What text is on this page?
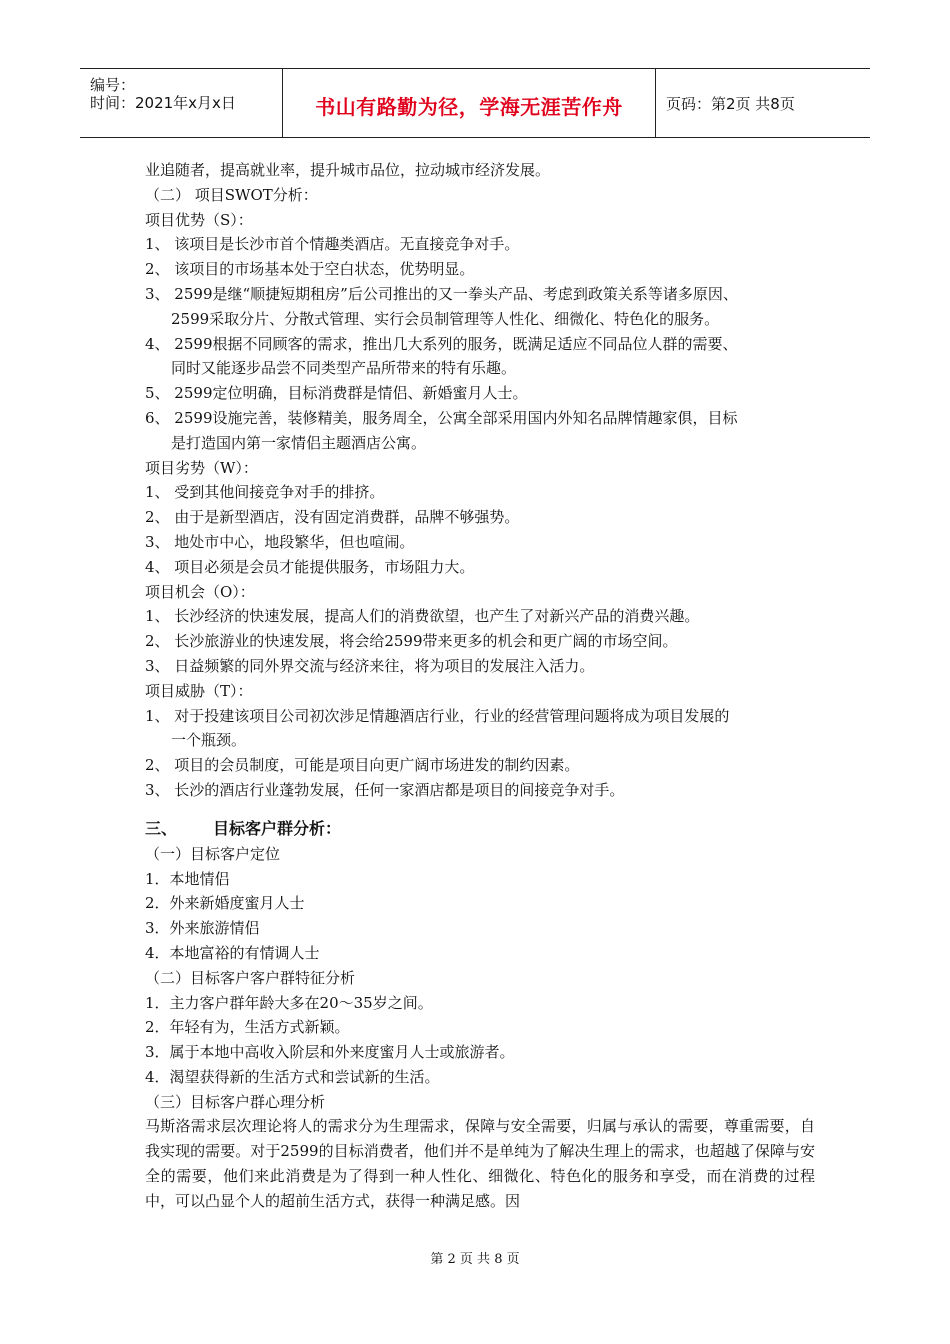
编号：
时间：2021年x月x日	书山有路勤为径，学海无涯苦作舟	页码：第2页 共8页
业追随者，提高就业率，提升城市品位，拉动城市经济发展。
（二） 项目SWOT分析：
项目优势（S）：
1、 该项目是长沙市首个情趣类酒店。无直接竞争对手。
2、 该项目的市场基本处于空白状态，优势明显。
3、 2599是继“顺捷短期租房”后公司推出的又一拳头产品、考虑到政策关系等诸多原因、
2599采取分片、分散式管理、实行会员制管理等人性化、细微化、特色化的服务。
4、 2599根据不同顾客的需求，推出几大系列的服务，既满足适应不同品位人群的需要、
同时又能逐步品尝不同类型产品所带来的特有乐趣。
5、 2599定位明确，目标消费群是情侣、新婚蜜月人士。
6、 2599设施完善，装修精美，服务周全，公寓全部采用国内外知名品牌情趣家俱，目标
是打造国内第一家情侣主题酒店公寓。
项目劣势（W）：
1、 受到其他间接竞争对手的排挤。
2、 由于是新型酒店，没有固定消费群，品牌不够强势。
3、 地处市中心，地段繁华，但也喧闹。
4、 项目必须是会员才能提供服务，市场阻力大。
项目机会（O）：
1、 长沙经济的快速发展，提高人们的消费欲望，也产生了对新兴产品的消费兴趣。
2、 长沙旅游业的快速发展，将会给2599带来更多的机会和更广阔的市场空间。
3、 日益频繁的同外界交流与经济来往，将为项目的发展注入活力。
项目威胁（T）：
1、 对于投建该项目公司初次涉足情趣酒店行业，行业的经营管理问题将成为项目发展的
一个瓶颈。
2、 项目的会员制度，可能是项目向更广阔市场进发的制约因素。
3、 长沙的酒店行业蓬勃发展，任何一家酒店都是项目的间接竞争对手。
三、 目标客户群分析：
（一）目标客户定位
1．本地情侣
2．外来新婚度蜜月人士
3．外来旅游情侣
4．本地富裕的有情调人士
（二）目标客户客户群特征分析
1．主力客户群年龄大多在20～35岁之间。
2．年轻有为，生活方式新颖。
3．属于本地中高收入阶层和外来度蜜月人士或旅游者。
4．渴望获得新的生活方式和尝试新的生活。
（三）目标客户群心理分析
马斯洛需求层次理论将人的需求分为生理需求，保障与安全需要，归属与承认的需要，尊重需要，自我实现的需要。对于2599的目标消费者，他们并不是单纯为了解决生理上的需求，也超越了保障与安全的需要，他们来此消费是为了得到一种人性化、细微化、特色化的服务和享受，而在消费的过程中，可以凸显个人的超前生活方式，获得一种满足感。因
第 2 页 共 8 页
